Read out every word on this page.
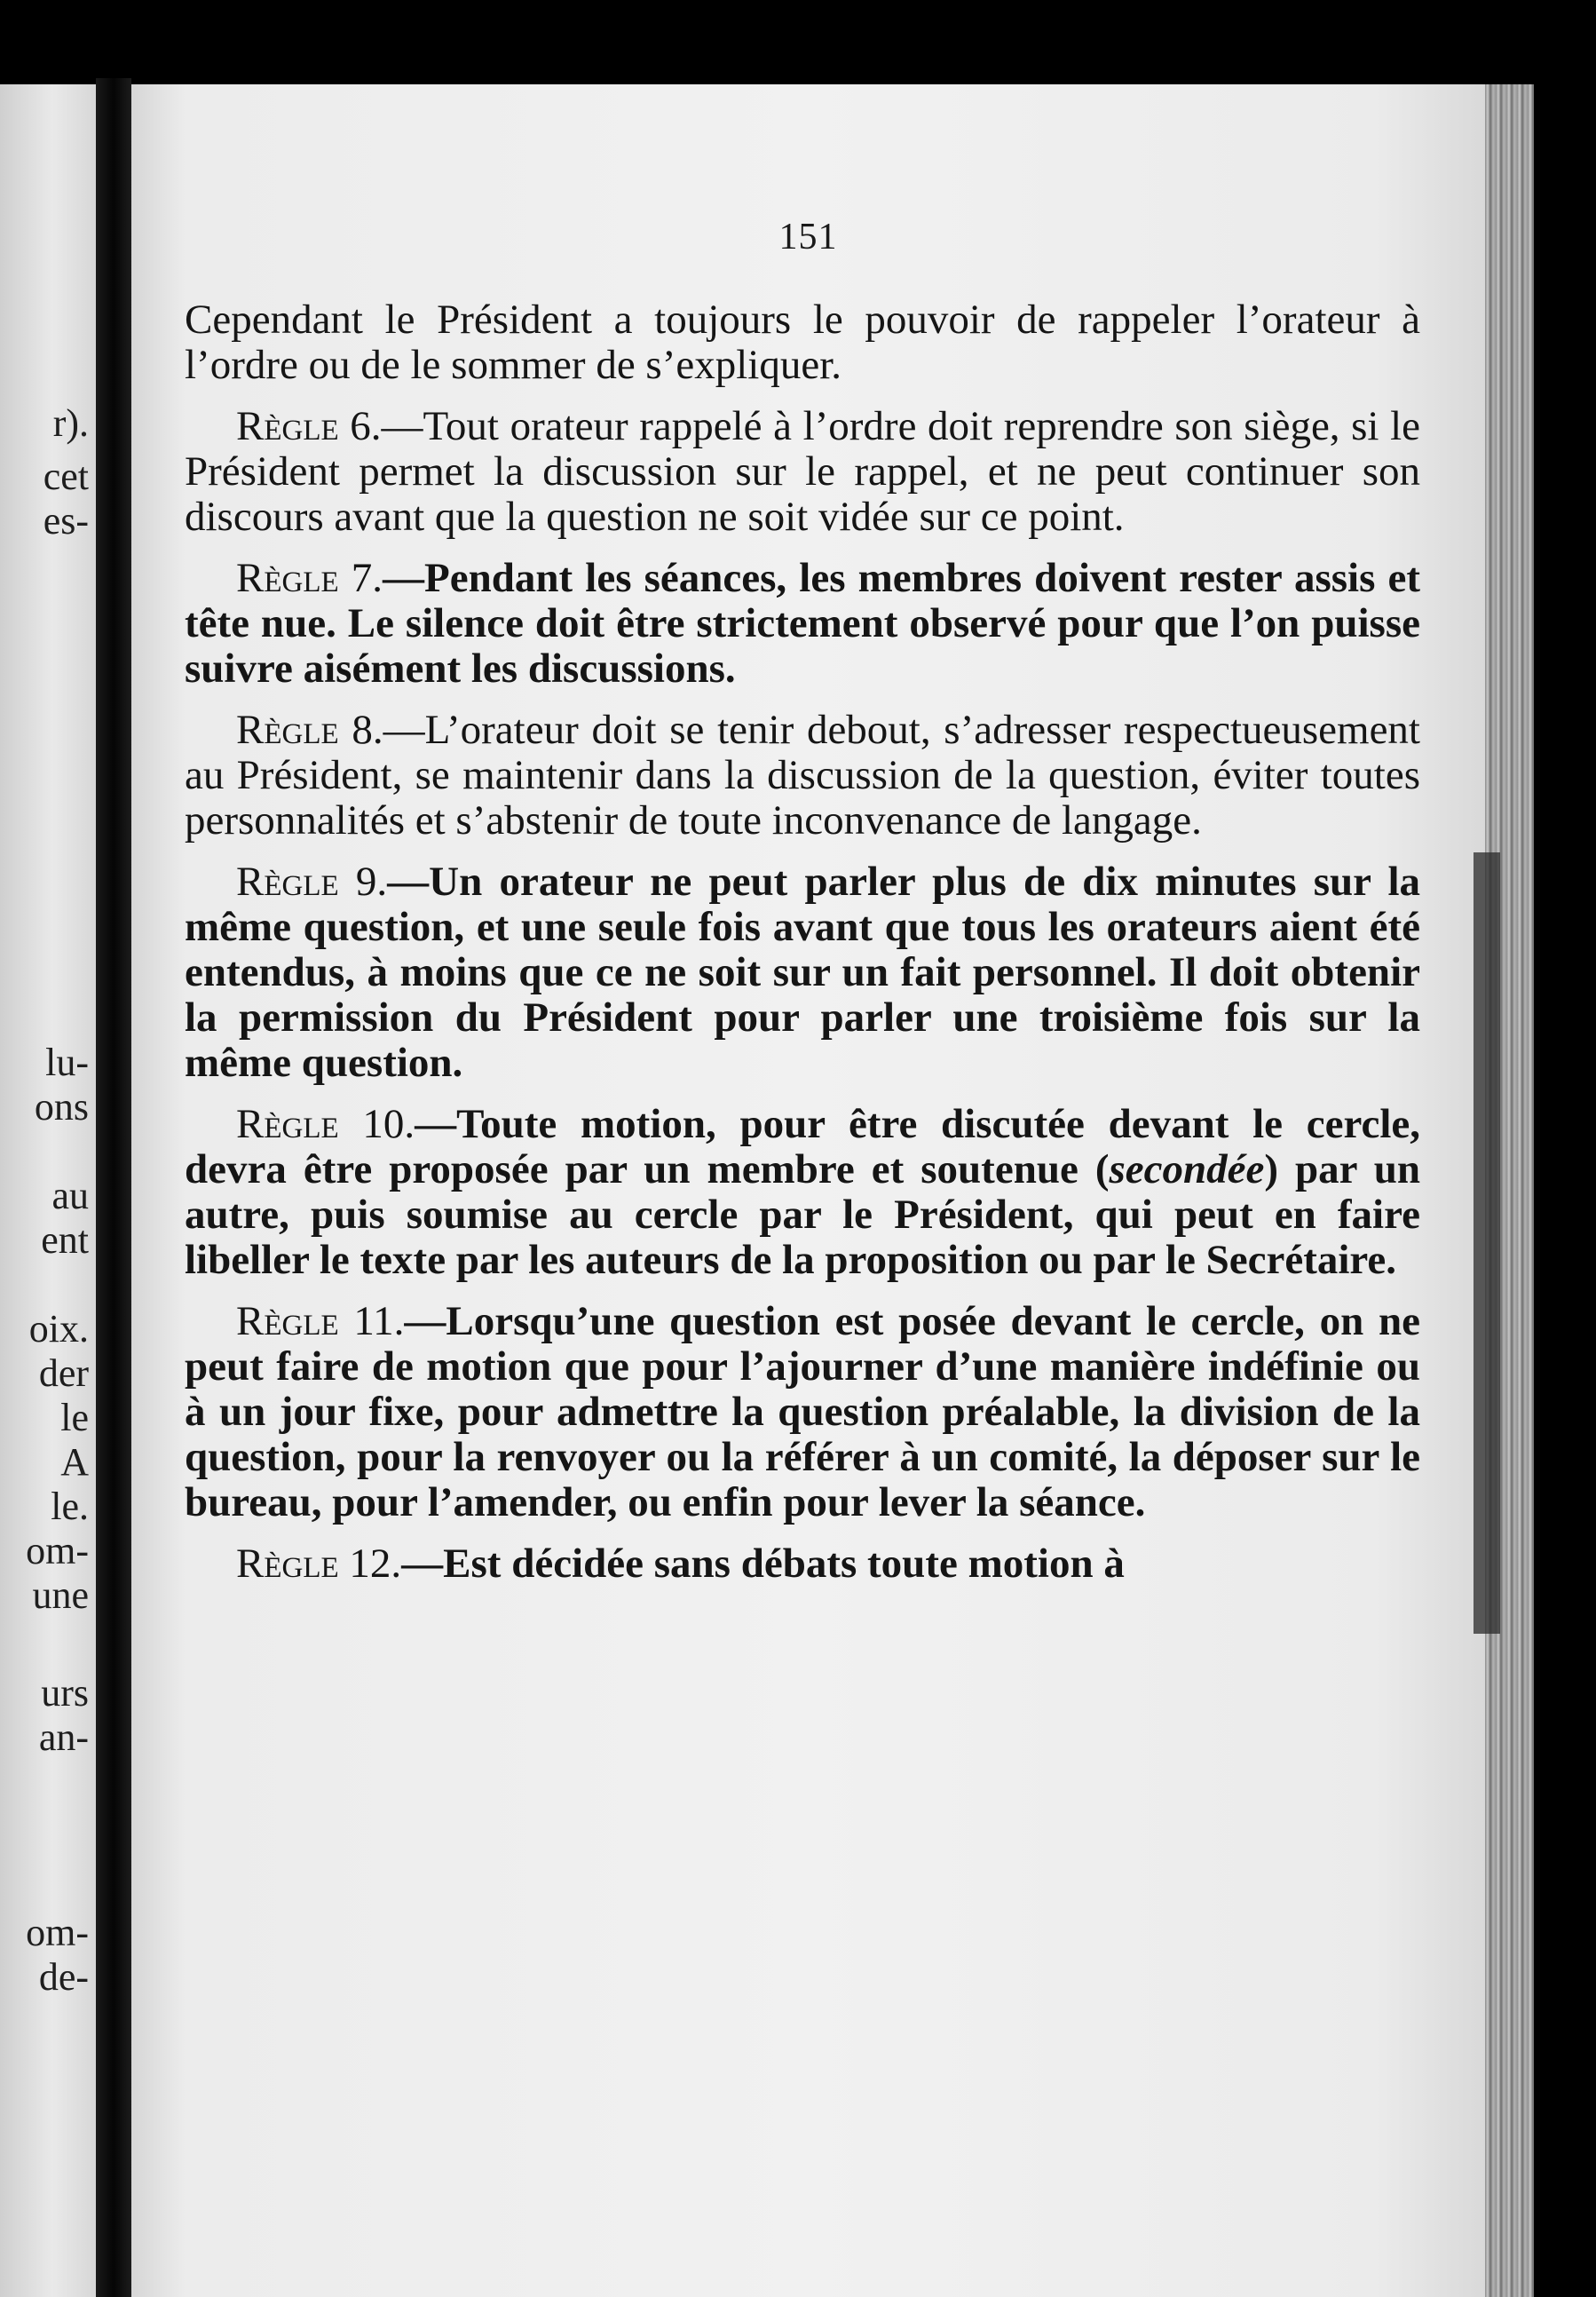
r).
cet
es-
lu-
ons
au
ent
oix.
der
le
A
le.
om-
une
urs
an-
om-
de-
151

Cependant le Président a toujours le pouvoir de rappeler l’orateur à l’ordre ou de le sommer de s’expliquer.

Règle 6.—Tout orateur rappelé à l’ordre doit reprendre son siège, si le Président permet la discussion sur le rappel, et ne peut continuer son discours avant que la question ne soit vidée sur ce point.

Règle 7.—Pendant les séances, les membres doivent rester assis et tête nue. Le silence doit être strictement observé pour que l’on puisse suivre aisément les discussions.

Règle 8.—L’orateur doit se tenir debout, s’adresser respectueusement au Président, se maintenir dans la discussion de la question, éviter toutes personnalités et s’abstenir de toute inconvenance de langage.

Règle 9.—Un orateur ne peut parler plus de dix minutes sur la même question, et une seule fois avant que tous les orateurs aient été entendus, à moins que ce ne soit sur un fait personnel. Il doit obtenir la permission du Président pour parler une troisième fois sur la même question.

Règle 10.—Toute motion, pour être discutée devant le cercle, devra être proposée par un membre et soutenue (secondée) par un autre, puis soumise au cercle par le Président, qui peut en faire libeller le texte par les auteurs de la proposition ou par le Secrétaire.

Règle 11.—Lorsqu’une question est posée devant le cercle, on ne peut faire de motion que pour l’ajourner d’une manière indéfinie ou à un jour fixe, pour admettre la question préalable, la division de la question, pour la renvoyer ou la référer à un comité, la déposer sur le bureau, pour l’amender, ou enfin pour lever la séance.

Règle 12.—Est décidée sans débats toute motion à
